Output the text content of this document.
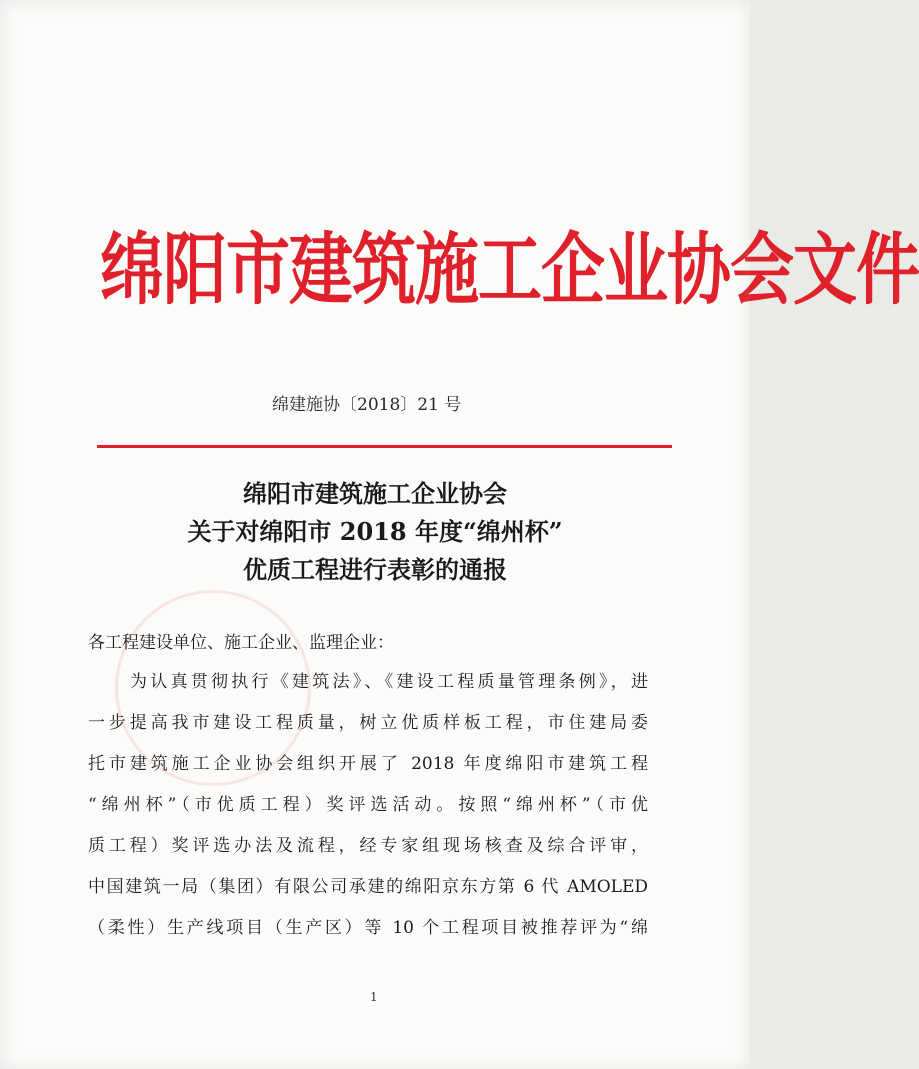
绵阳市建筑施工企业协会文件
绵建施协〔2018〕21 号
绵阳市建筑施工企业协会
关于对绵阳市 2018 年度“绵州杯”
优质工程进行表彰的通报
各工程建设单位、施工企业、监理企业：
为认真贯彻执行《建筑法》、《建设工程质量管理条例》，进
一步提高我市建设工程质量，树立优质样板工程，市住建局委
托市建筑施工企业协会组织开展了 2018 年度绵阳市建筑工程
“绵州杯”（市优质工程）奖评选活动。按照“绵州杯”（市优
质工程）奖评选办法及流程，经专家组现场核查及综合评审，
中国建筑一局（集团）有限公司承建的绵阳京东方第 6 代 AMOLED
（柔性）生产线项目（生产区）等 10 个工程项目被推荐评为“绵
1
